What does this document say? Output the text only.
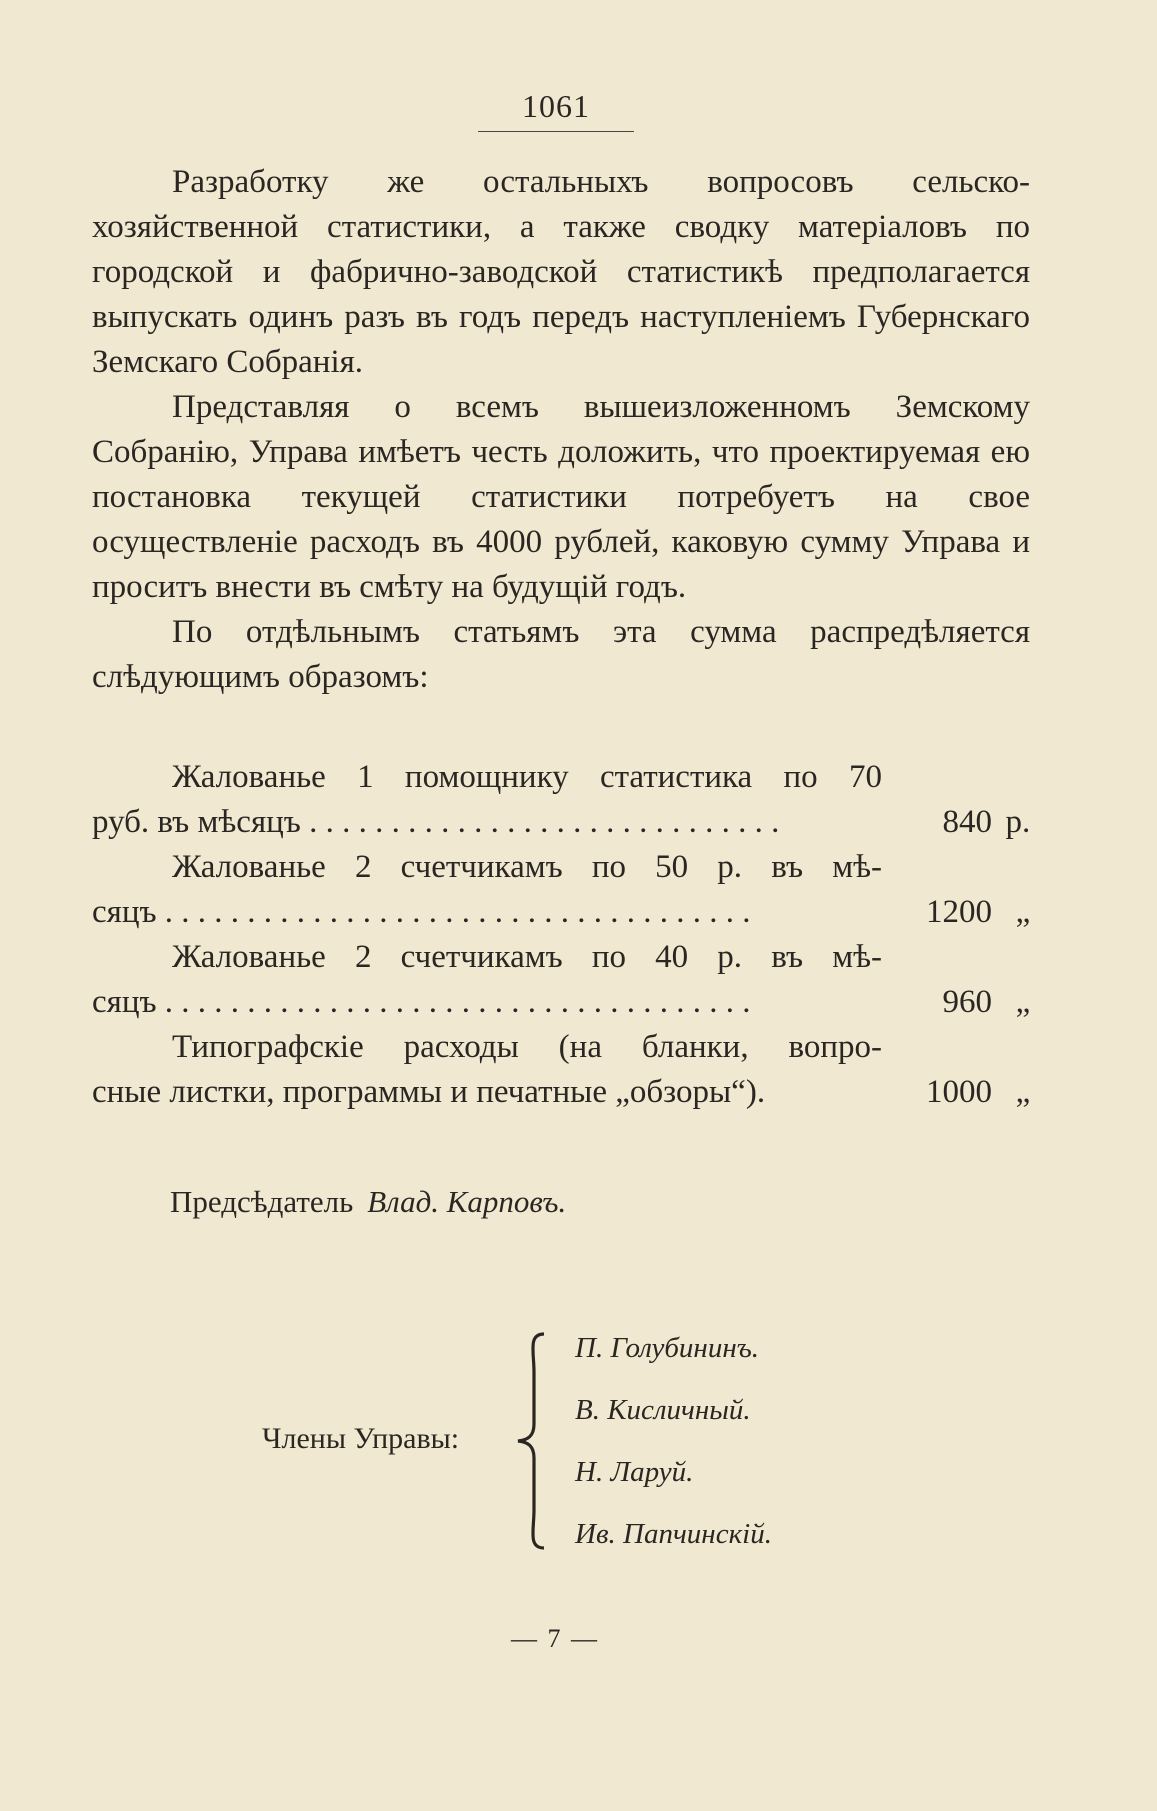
1061

Разработку же остальныхъ вопросовъ сельско-хозяйственной статистики, а также сводку матеріаловъ по городской и фабрично-заводской статистикѣ предполагается выпускать одинъ разъ въ годъ передъ наступленіемъ Губернскаго Земскаго Собранія.

Представляя о всемъ вышеизложенномъ Земскому Собранію, Управа имѣетъ честь доложить, что проектируемая ею постановка текущей статистики потребуетъ на свое осуществленіе расходъ въ 4000 рублей, каковую сумму Управа и проситъ внести въ смѣту на будущій годъ.

По отдѣльнымъ статьямъ эта сумма распредѣляется слѣдующимъ образомъ:

Жалованье 1 помощнику статистика по 70
руб. въ мѣсяцъ . . . . . . . . . . . . . . . . . . . . . . . . . . . . .	840 р.
Жалованье 2 счетчикамъ по 50 р. въ мѣ-
сяцъ . . . . . . . . . . . . . . . . . . . . . . . . . . . . . . . . . . . .	1200 „
Жалованье 2 счетчикамъ по 40 р. въ мѣ-
сяцъ . . . . . . . . . . . . . . . . . . . . . . . . . . . . . . . . . . . .	960 „
Типографскіе расходы (на бланки, вопро-
сные листки, программы и печатные „обзоры“).	1000 „
Предсѣдатель Влад. Карповъ.
Члены Управы:
П. Голубининъ.
В. Кисличный.
Н. Ларуй.
Ив. Папчинскій.
— 7 —
